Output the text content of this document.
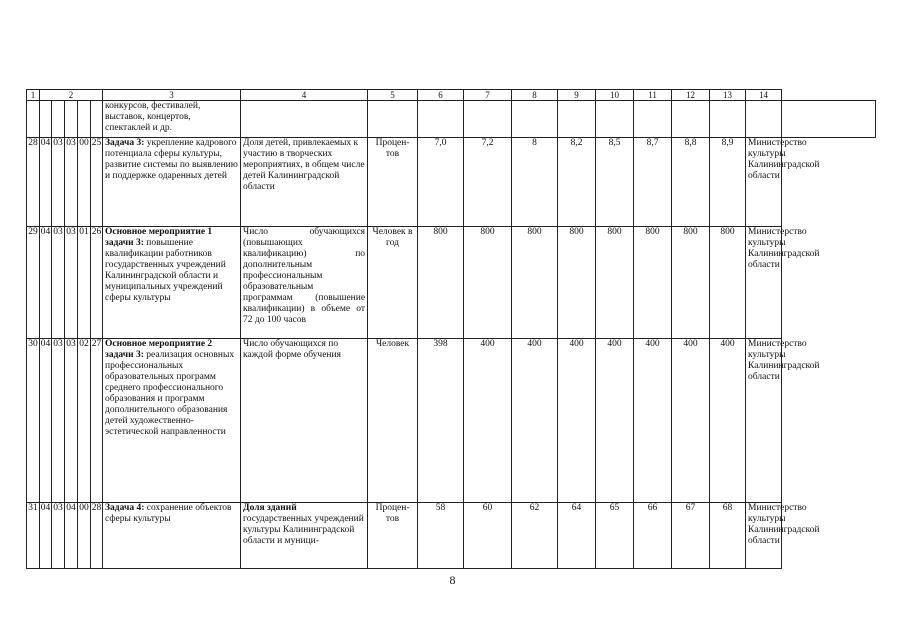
1	2					3	4	5	6	7	8	9	10	11	12	13	14	
						конкурсов, фестивалей, выставок, концертов, спектаклей и др.												
28	04	03	03	00	25	Задача 3: укрепление кадрового потенциала сферы культуры, развитие системы по выявлению и поддержке одаренных детей	Доля детей, привлекаемых к участию в творческих мероприятиях, в общем числе детей Калининградской области	Процен-тов	7,0	7,2	8	8,2	8,5	8,7	8,8	8,9	Министерство культуры Калининградской области	
29	04	03	03	01	26	Основное мероприятие 1 задачи 3: повышение квалификации работников государственных учреждений Калининградской области и муниципальных учреждений сферы культуры	Число обучающихся (повышающих квалификацию) по дополнительным профессиональным образовательным программам (повышение квалификации) в объеме от 72 до 100 часов	Человек в год	800	800	800	800	800	800	800	800	Министерство культуры Калининградской области	
30	04	03	03	02	27	Основное мероприятие 2 задачи 3: реализация основных профессиональных образовательных программ среднего профессионального образования и программ дополнительного образования детей художественно-эстетической направленности	Число обучающихся по каждой форме обучения	Человек	398	400	400	400	400	400	400	400	Министерство культуры Калининградской области	
31	04	03	04	00	28	Задача 4: сохранение объектов сферы культуры	Доля зданий государственных учреждений культуры Калининградской области и муници-	Процен-тов	58	60	62	64	65	66	67	68	Министерство культуры Калининградской области	
8
